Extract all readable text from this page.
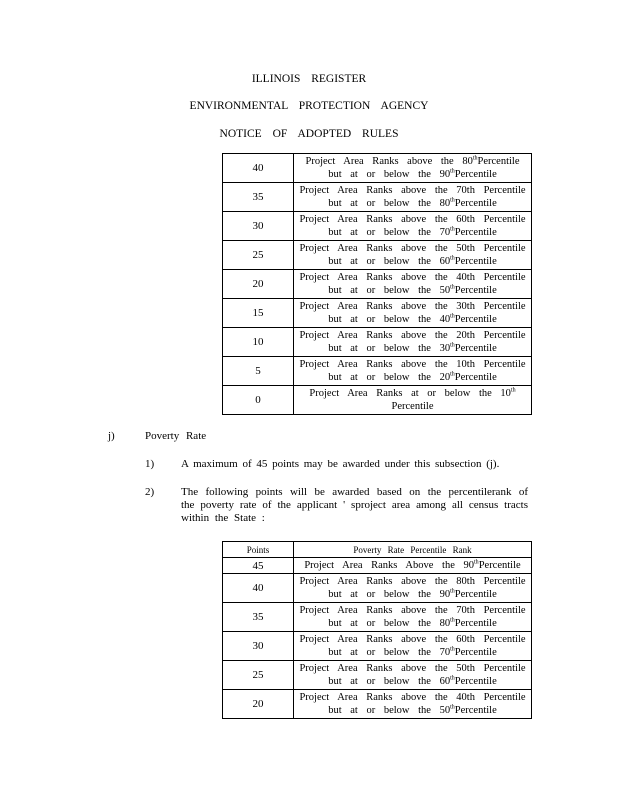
ILLINOIS REGISTER
ENVIRONMENTAL PROTECTION AGENCY
NOTICE OF ADOPTED RULES
40	Project Area Ranks above the 80thPercentile
but at or below the 90thPercentile

35	Project Area Ranks above the 70th Percentile
but at or below the 80thPercentile

30	Project Area Ranks above the 60th Percentile
but at or below the 70thPercentile

25	Project Area Ranks above the 50th Percentile
but at or below the 60thPercentile

20	Project Area Ranks above the 40th Percentile
but at or below the 50thPercentile

15	Project Area Ranks above the 30th Percentile
but at or below the 40thPercentile

10	Project Area Ranks above the 20th Percentile
but at or below the 30thPercentile

5	Project Area Ranks above the 10th Percentile
but at or below the 20thPercentile

0	Project Area Ranks at or below the 10th
Percentile
j)	Poverty Rate
1) A maximum of 45 points may be awarded under this subsection (j).
2) The following points will be awarded based on the percentilerank of the poverty rate of the applicant ' sproject area among all census tracts within the State :
Points	Poverty Rate Percentile Rank
45	Project Area Ranks Above the 90thPercentile

40	Project Area Ranks above the 80th Percentile
but at or below the 90thPercentile

35	Project Area Ranks above the 70th Percentile
but at or below the 80thPercentile

30	Project Area Ranks above the 60th Percentile
but at or below the 70thPercentile

25	Project Area Ranks above the 50th Percentile
but at or below the 60thPercentile

20	Project Area Ranks above the 40th Percentile
but at or below the 50thPercentile
